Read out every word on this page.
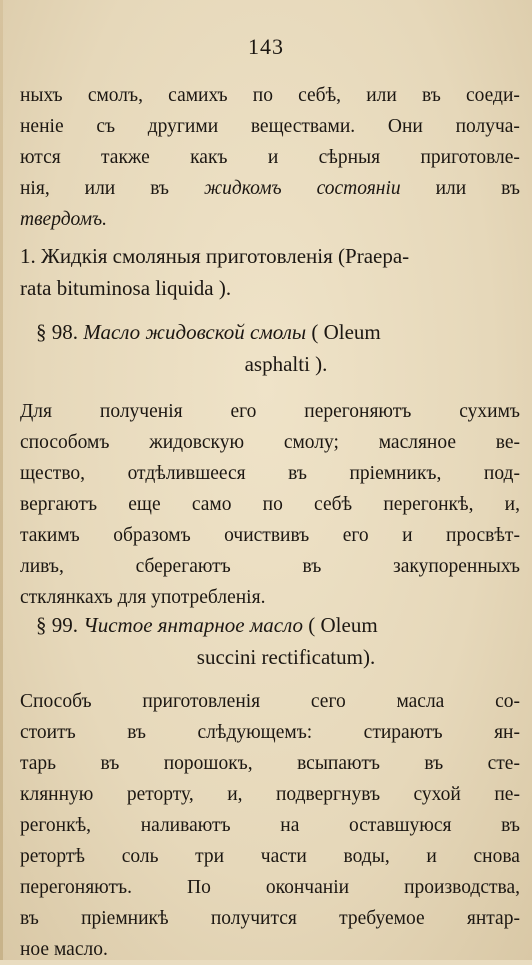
143
ныхъ смолъ, самихъ по себѣ, или въ соеди-
неніе съ другими веществами. Они получа-
ются также какъ и сѣрныя приготовле-
нія, или въ жидкомъ состояніи или въ
твердомъ.
1. Жидкія смоляныя приготовленія (Praepa-
rata bituminosa liquida ).
§ 98. Масло жидовской смолы ( Oleum
asphalti ).
Для полученія его перегоняютъ сухимъ
способомъ жидовскую смолу; масляное ве-
щество, отдѣлившееся въ пріемникъ, под-
вергаютъ еще само по себѣ перегонкѣ, и,
такимъ образомъ очиствивъ его и просвѣт-
ливъ,	сберегаютъ	въ	закупоренныхъ
стклянкахъ для употребленія.
§ 99. Чистое янтарное масло ( Oleum
succini rectificatum).
Способъ	приготовленія	сего	масла	со-
стоитъ	въ	слѣдующемъ:	стираютъ	ян-
тарь въ порошокъ, всыпаютъ въ сте-
клянную реторту, и, подвергнувъ сухой пе-
регонкѣ,	наливаютъ	на	оставшуюся	въ
ретортѣ соль три части воды, и снова
перегоняютъ.	По	окончаніи	производства,
въ пріемникѣ получится требуемое янтар-
ное масло.
